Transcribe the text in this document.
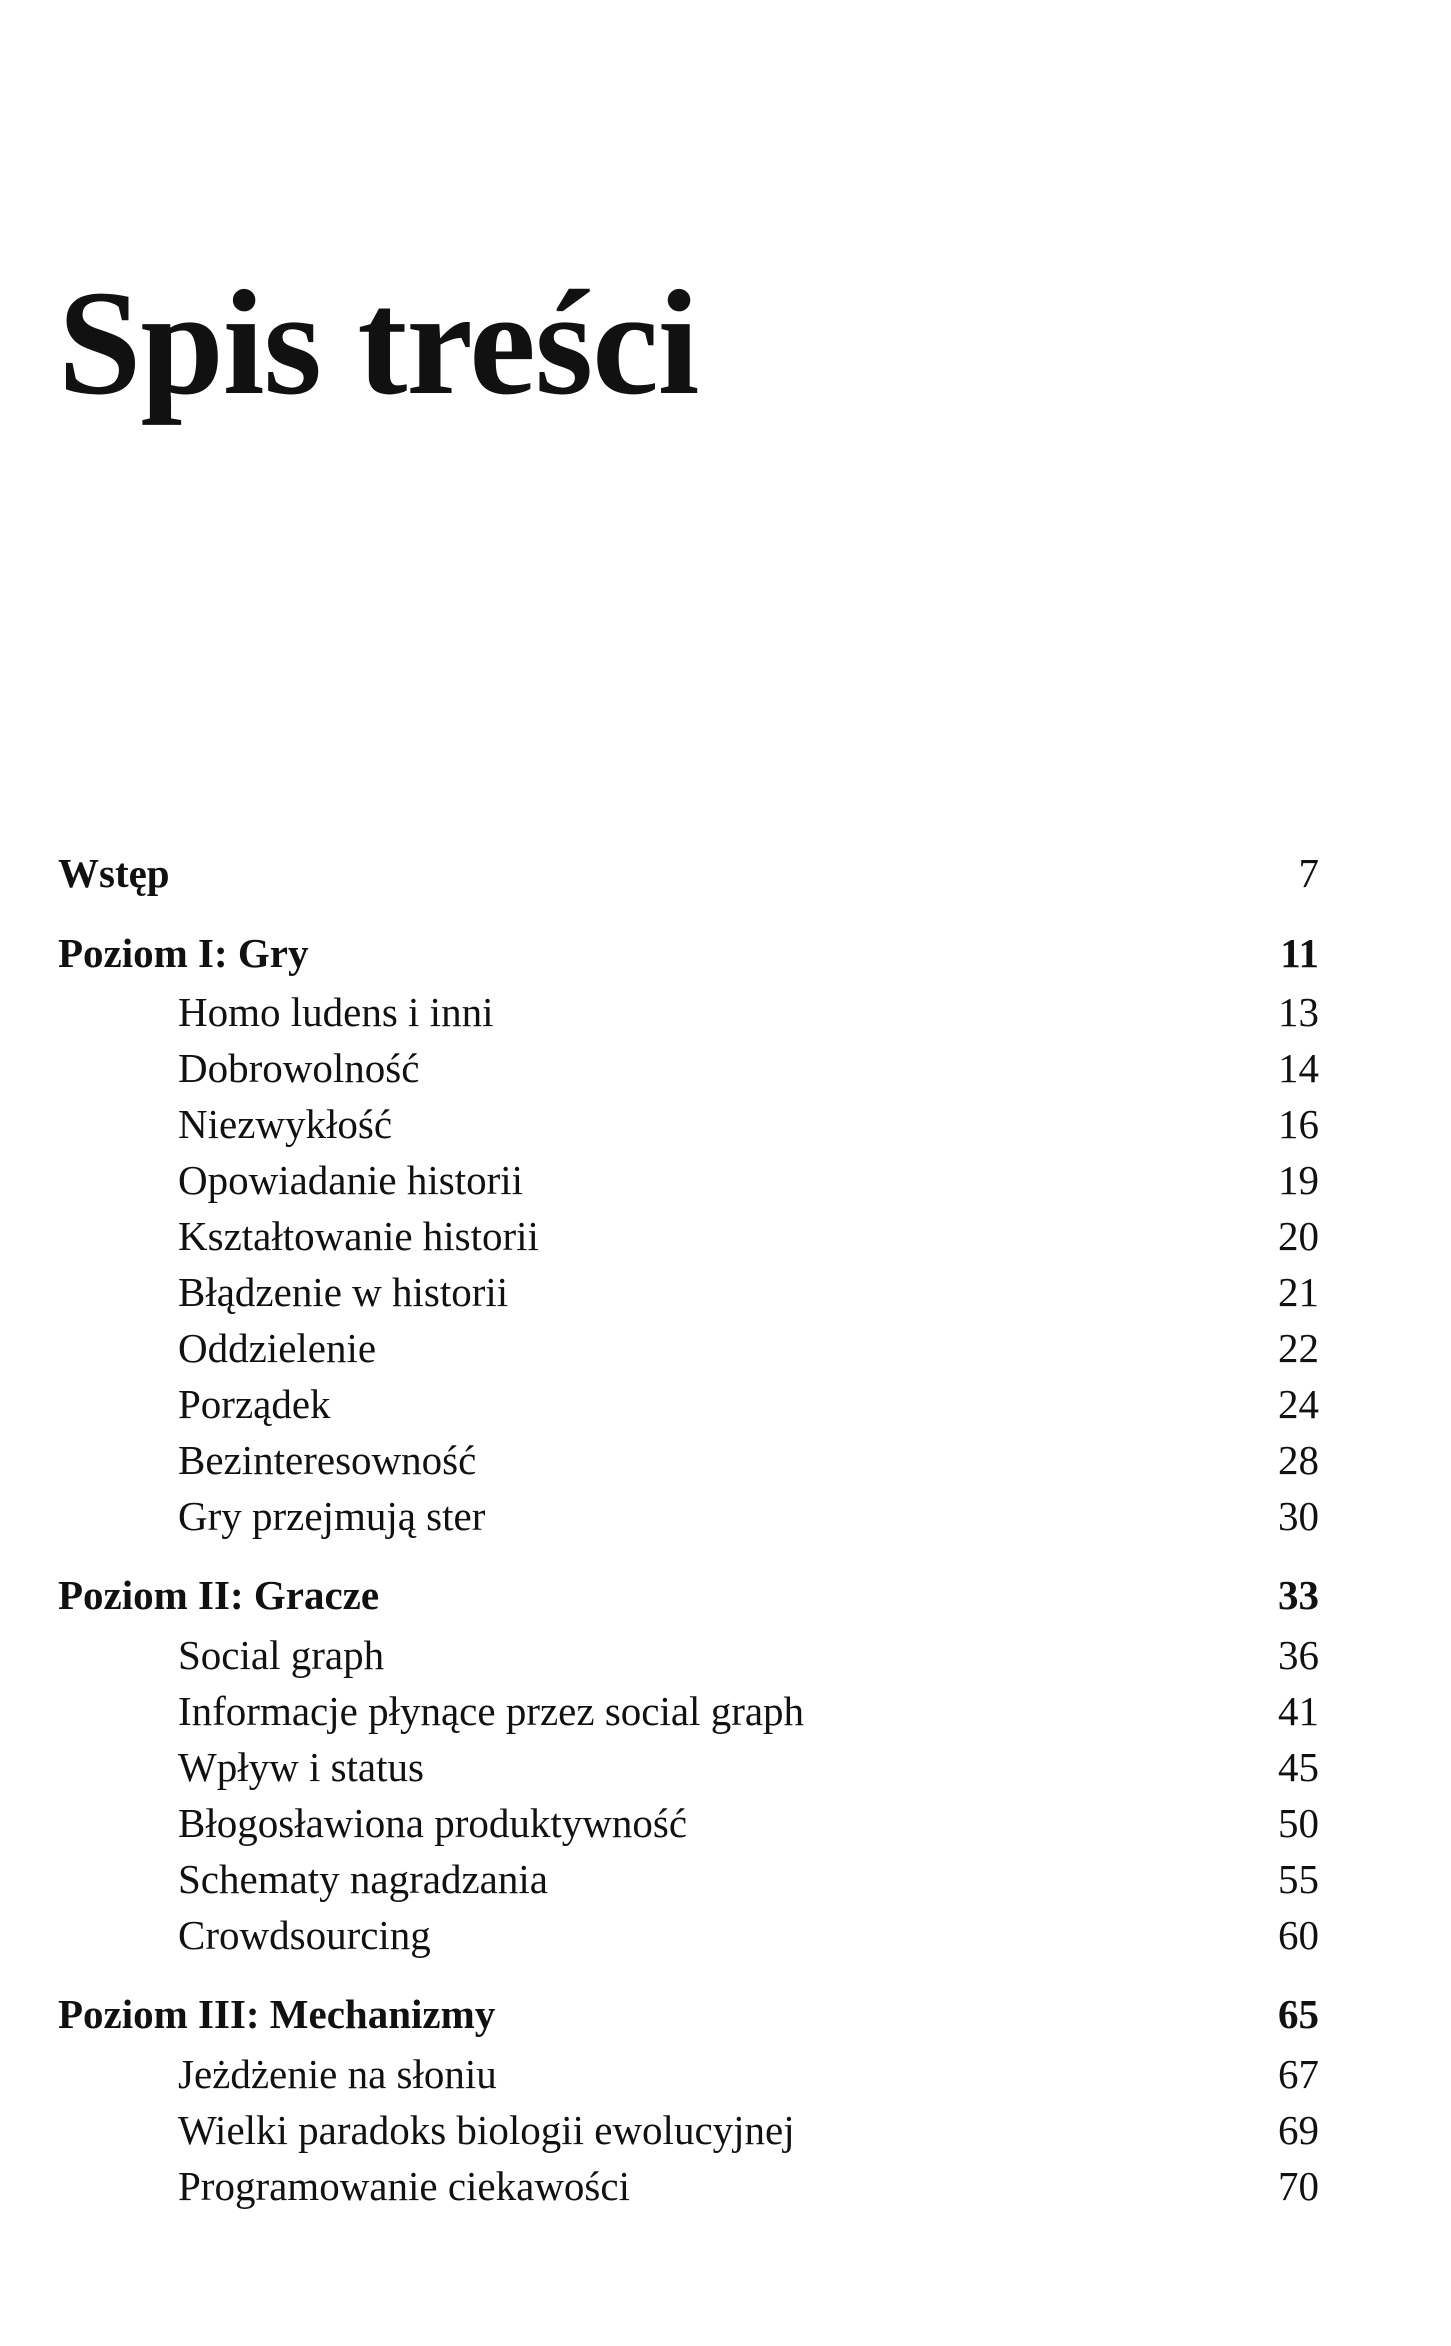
Spis treści
Wstęp	7
Poziom I: Gry	11
Homo ludens i inni	13
Dobrowolność	14
Niezwykłość	16
Opowiadanie historii	19
Kształtowanie historii	20
Błądzenie w historii	21
Oddzielenie	22
Porządek	24
Bezinteresowność	28
Gry przejmują ster	30
Poziom II: Gracze	33
Social graph	36
Informacje płynące przez social graph	41
Wpływ i status	45
Błogosławiona produktywność	50
Schematy nagradzania	55
Crowdsourcing	60
Poziom III: Mechanizmy	65
Jeżdżenie na słoniu	67
Wielki paradoks biologii ewolucyjnej	69
Programowanie ciekawości	70
